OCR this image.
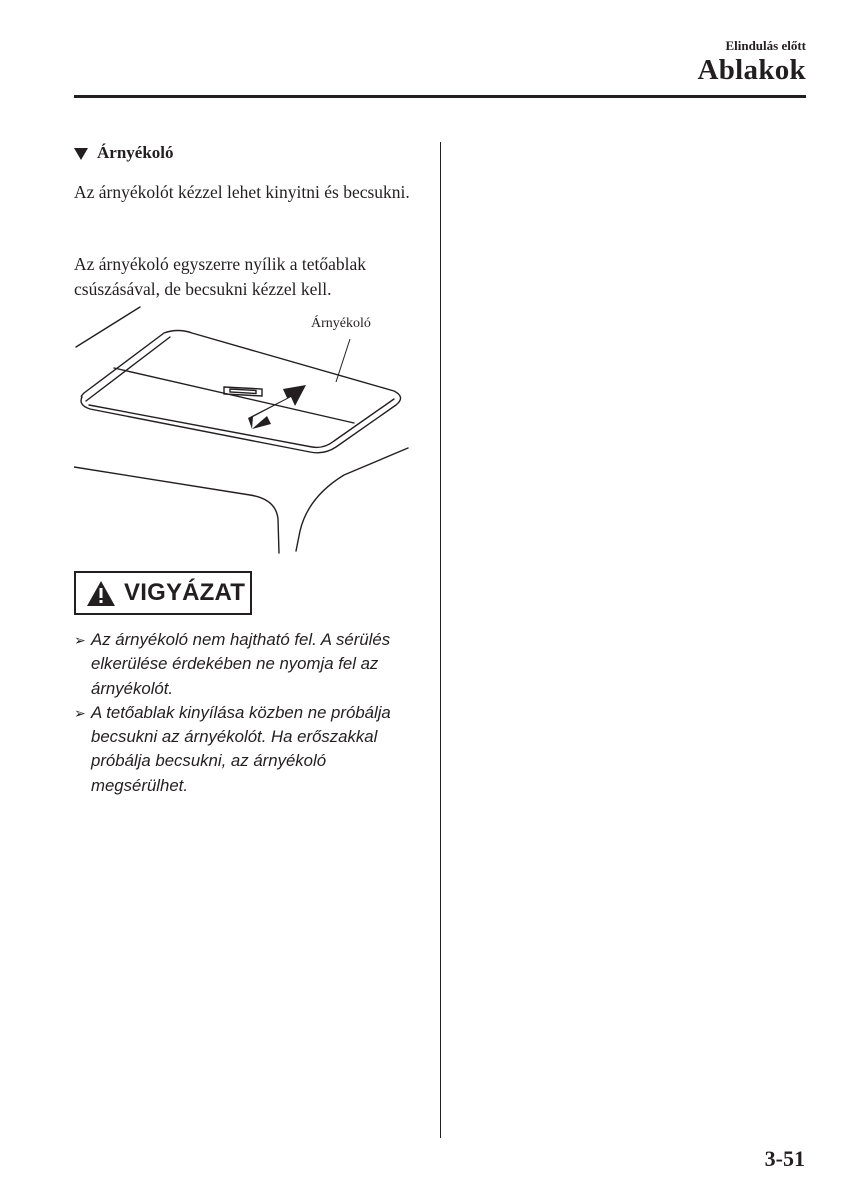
Elindulás előtt
Ablakok
Árnyékoló
Az árnyékolót kézzel lehet kinyitni és becsukni.
Az árnyékoló egyszerre nyílik a tetőablak csúszásával, de becsukni kézzel kell.
Árnyékoló
VIGYÁZAT
➢ Az árnyékoló nem hajtható fel. A sérülés elkerülése érdekében ne nyomja fel az árnyékolót.
➢ A tetőablak kinyílása közben ne próbálja becsukni az árnyékolót. Ha erőszakkal próbálja becsukni, az árnyékoló megsérülhet.
3-51
